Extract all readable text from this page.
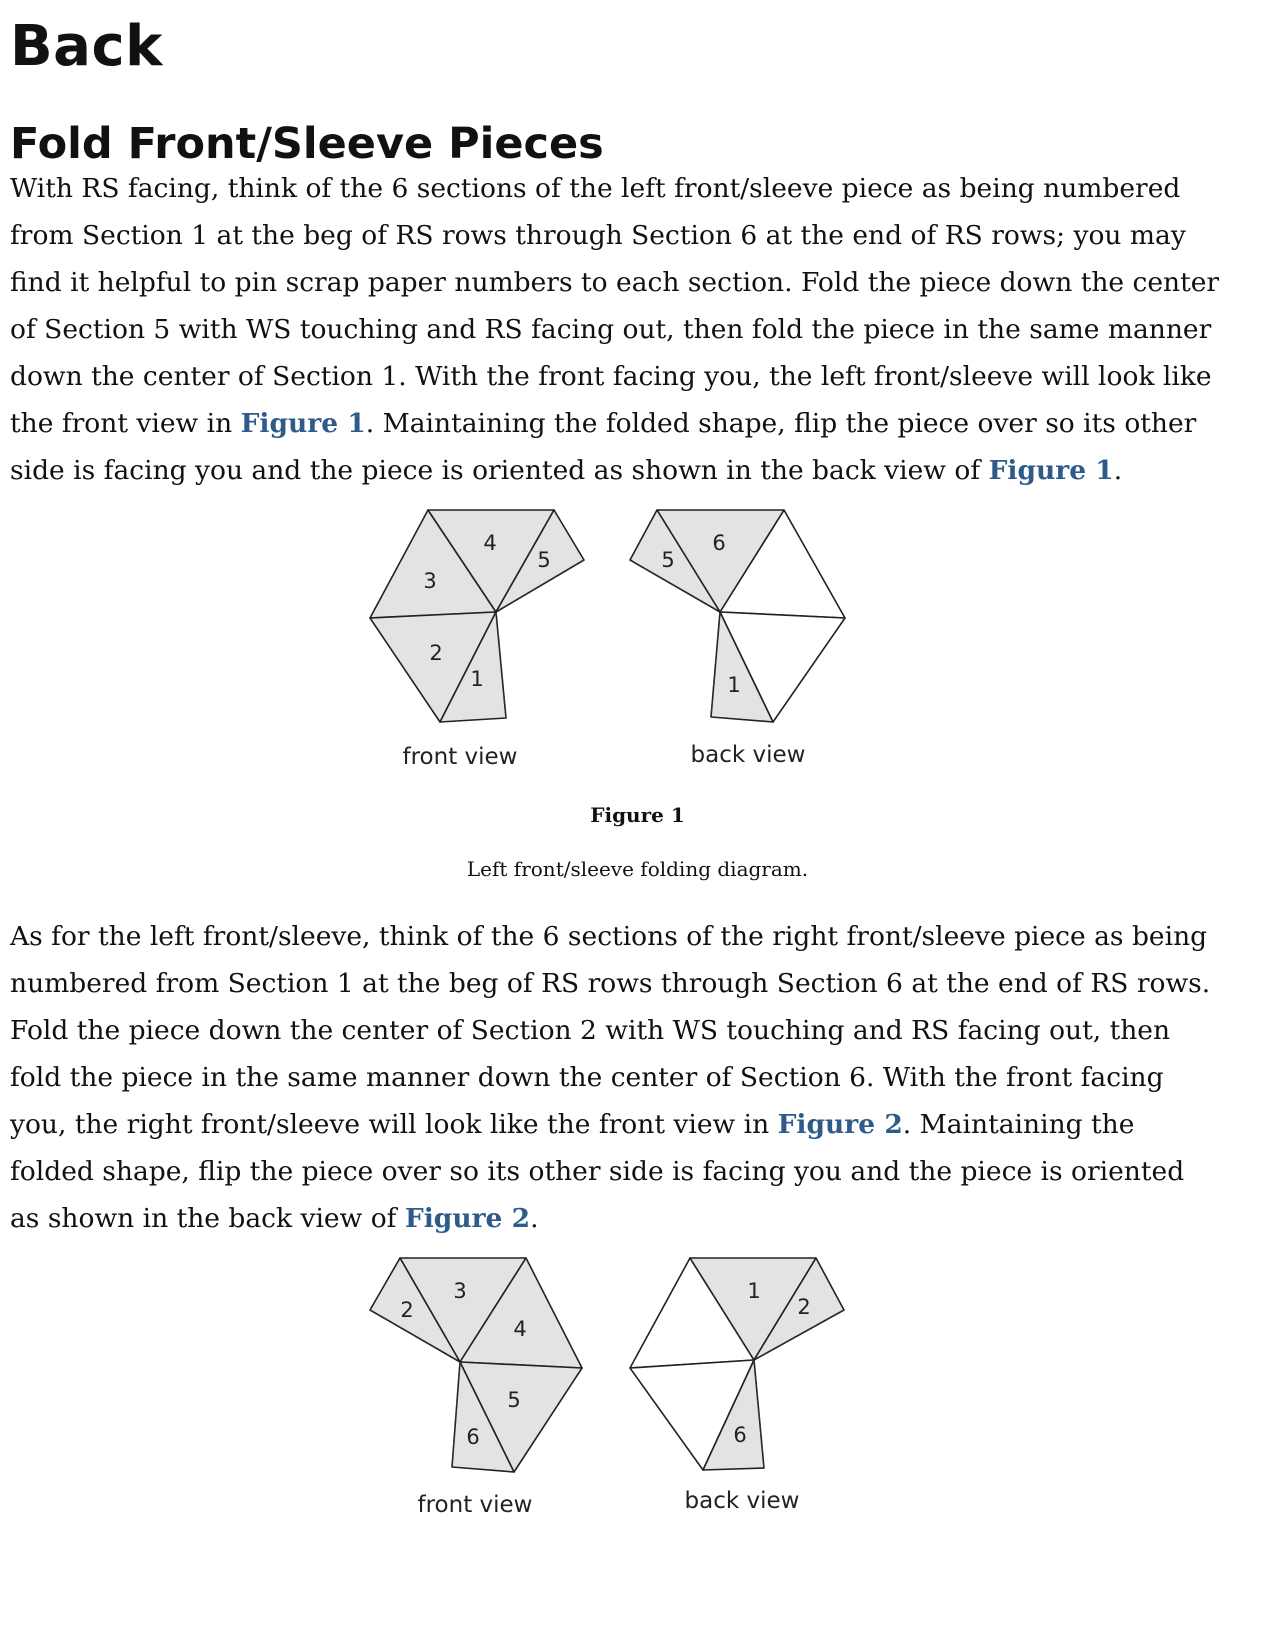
Back
Fold Front/Sleeve Pieces

With RS facing, think of the 6 sections of the left front/sleeve piece as being numbered from Section 1 at the beg of RS rows through Section 6 at the end of RS rows; you may find it helpful to pin scrap paper numbers to each section. Fold the piece down the center of Section 5 with WS touching and RS facing out, then fold the piece in the same manner down the center of Section 1. With the front facing you, the left front/sleeve will look like the front view in Figure 1. Maintaining the folded shape, flip the piece over so its other side is facing you and the piece is oriented as shown in the back view of Figure 1.

1
2
3
4
5
front view
1
5
6
back view

Figure 1

Left front/sleeve folding diagram.

As for the left front/sleeve, think of the 6 sections of the right front/sleeve piece as being numbered from Section 1 at the beg of RS rows through Section 6 at the end of RS rows. Fold the piece down the center of Section 2 with WS touching and RS facing out, then fold the piece in the same manner down the center of Section 6. With the front facing you, the right front/sleeve will look like the front view in Figure 2. Maintaining the folded shape, flip the piece over so its other side is facing you and the piece is oriented as shown in the back view of Figure 2.

2
3
4
5
6
front view
1
2
6
back view
